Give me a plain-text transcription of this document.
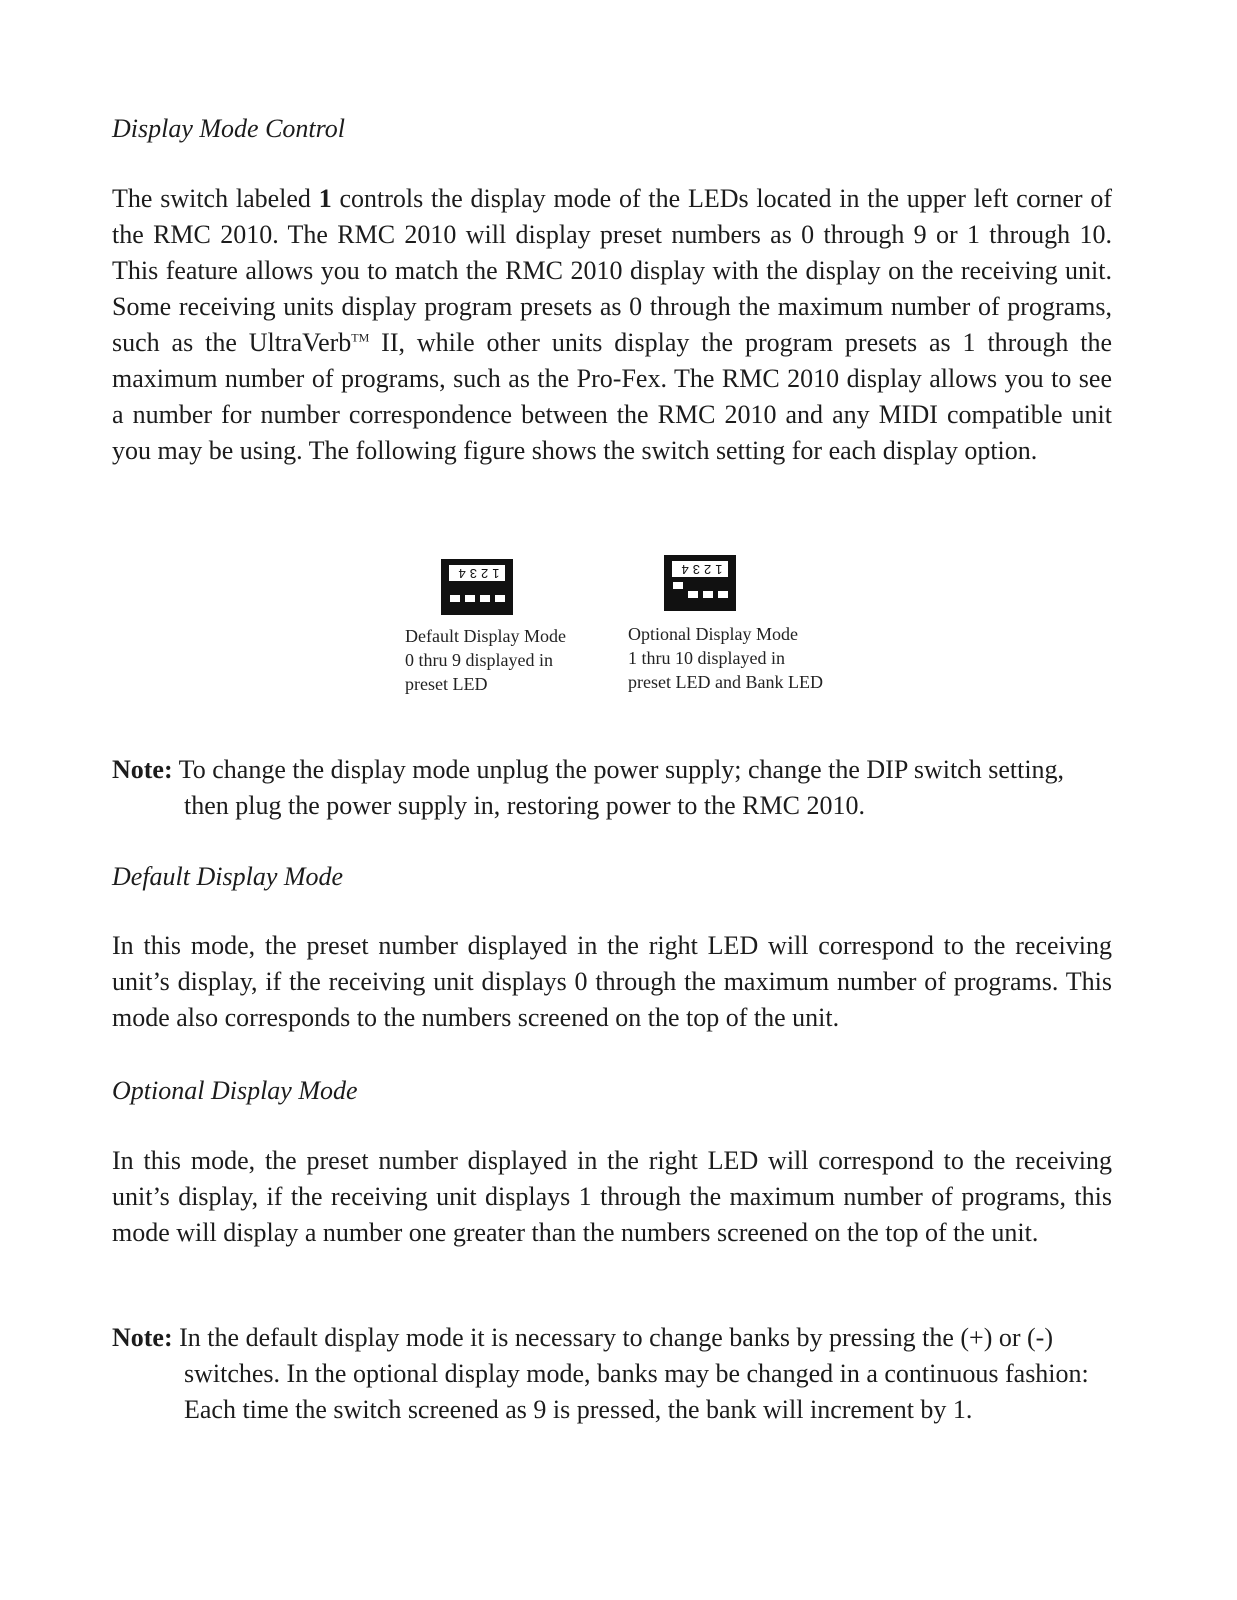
Display Mode Control

The switch labeled 1 controls the display mode of the LEDs located in the upper left corner of the RMC 2010. The RMC 2010 will display preset numbers as 0 through 9 or 1 through 10. This feature allows you to match the RMC 2010 display with the display on the receiving unit. Some receiving units display program presets as 0 through the maximum number of programs, such as the UltraVerb™ II, while other units display the program presets as 1 through the maximum number of programs, such as the Pro-Fex. The RMC 2010 display allows you to see a number for number correspondence between the RMC 2010 and any MIDI compatible unit you may be using. The following figure shows the switch setting for each display option.

1234	1234

Default Display Mode
0 thru 9 displayed in
preset LED

Optional Display Mode
1 thru 10 displayed in
preset LED and Bank LED

Note: To change the display mode unplug the power supply; change the DIP switch setting, then plug the power supply in, restoring power to the RMC 2010.

Default Display Mode

In this mode, the preset number displayed in the right LED will correspond to the receiving unit’s display, if the receiving unit displays 0 through the maximum number of programs. This mode also corresponds to the numbers screened on the top of the unit.

Optional Display Mode

In this mode, the preset number displayed in the right LED will correspond to the receiving unit’s display, if the receiving unit displays 1 through the maximum number of programs, this mode will display a number one greater than the numbers screened on the top of the unit.

Note: In the default display mode it is necessary to change banks by pressing the (+) or (-) switches. In the optional display mode, banks may be changed in a continuous fashion: Each time the switch screened as 9 is pressed, the bank will increment by 1.
